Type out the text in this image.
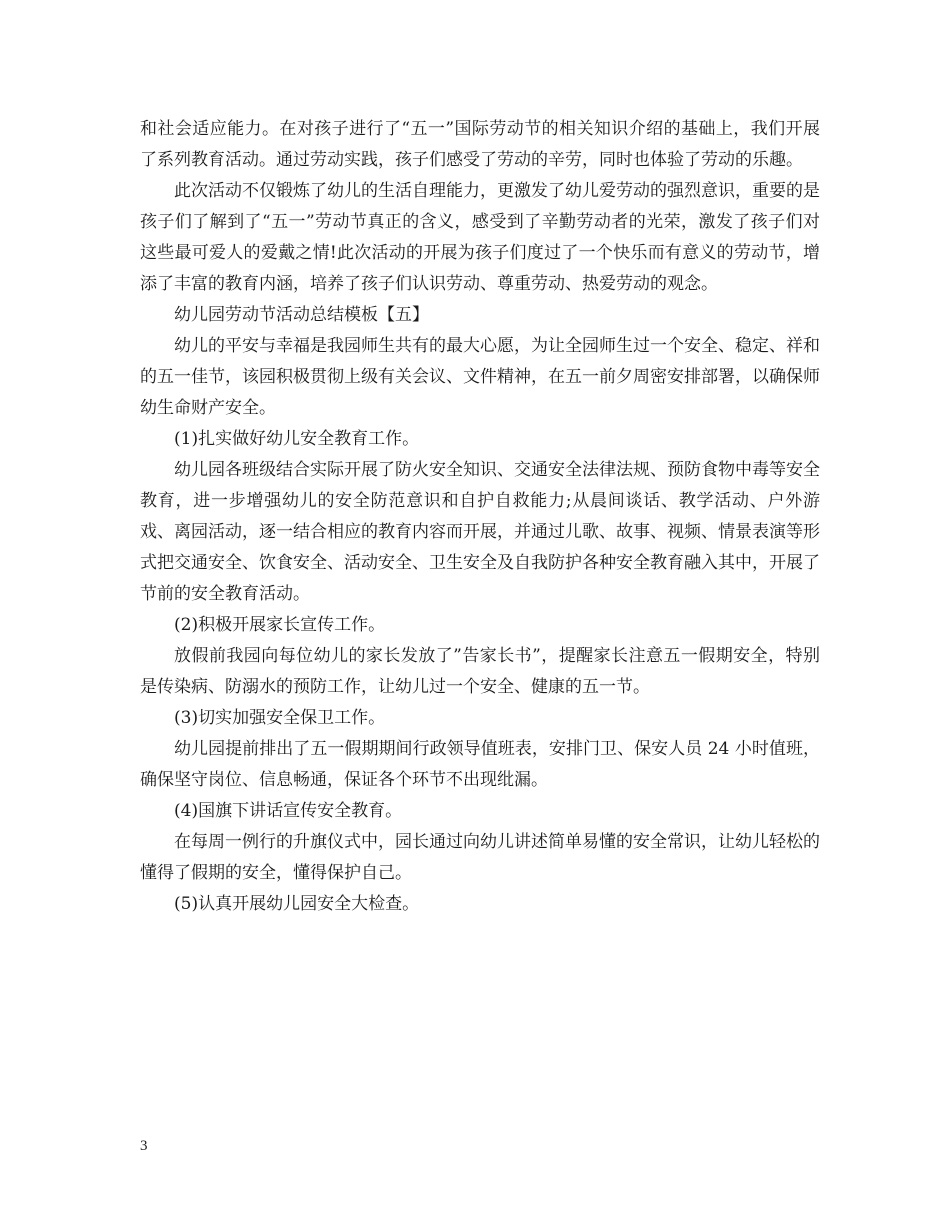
和社会适应能力。在对孩子进行了“五一”国际劳动节的相关知识介绍的基础上，我们开展了系列教育活动。通过劳动实践，孩子们感受了劳动的辛劳，同时也体验了劳动的乐趣。

此次活动不仅锻炼了幼儿的生活自理能力，更激发了幼儿爱劳动的强烈意识，重要的是孩子们了解到了“五一”劳动节真正的含义，感受到了辛勤劳动者的光荣，激发了孩子们对这些最可爱人的爱戴之情!此次活动的开展为孩子们度过了一个快乐而有意义的劳动节，增添了丰富的教育内涵，培养了孩子们认识劳动、尊重劳动、热爱劳动的观念。

幼儿园劳动节活动总结模板【五】

幼儿的平安与幸福是我园师生共有的最大心愿，为让全园师生过一个安全、稳定、祥和的五一佳节，该园积极贯彻上级有关会议、文件精神，在五一前夕周密安排部署，以确保师幼生命财产安全。

(1)扎实做好幼儿安全教育工作。

幼儿园各班级结合实际开展了防火安全知识、交通安全法律法规、预防食物中毒等安全教育，进一步增强幼儿的安全防范意识和自护自救能力;从晨间谈话、教学活动、户外游戏、离园活动，逐一结合相应的教育内容而开展，并通过儿歌、故事、视频、情景表演等形式把交通安全、饮食安全、活动安全、卫生安全及自我防护各种安全教育融入其中，开展了节前的安全教育活动。

(2)积极开展家长宣传工作。

放假前我园向每位幼儿的家长发放了”告家长书”，提醒家长注意五一假期安全，特别是传染病、防溺水的预防工作，让幼儿过一个安全、健康的五一节。

(3)切实加强安全保卫工作。

幼儿园提前排出了五一假期期间行政领导值班表，安排门卫、保安人员 24 小时值班，确保坚守岗位、信息畅通，保证各个环节不出现纰漏。

(4)国旗下讲话宣传安全教育。

在每周一例行的升旗仪式中，园长通过向幼儿讲述简单易懂的安全常识，让幼儿轻松的懂得了假期的安全，懂得保护自己。

(5)认真开展幼儿园安全大检查。

3
